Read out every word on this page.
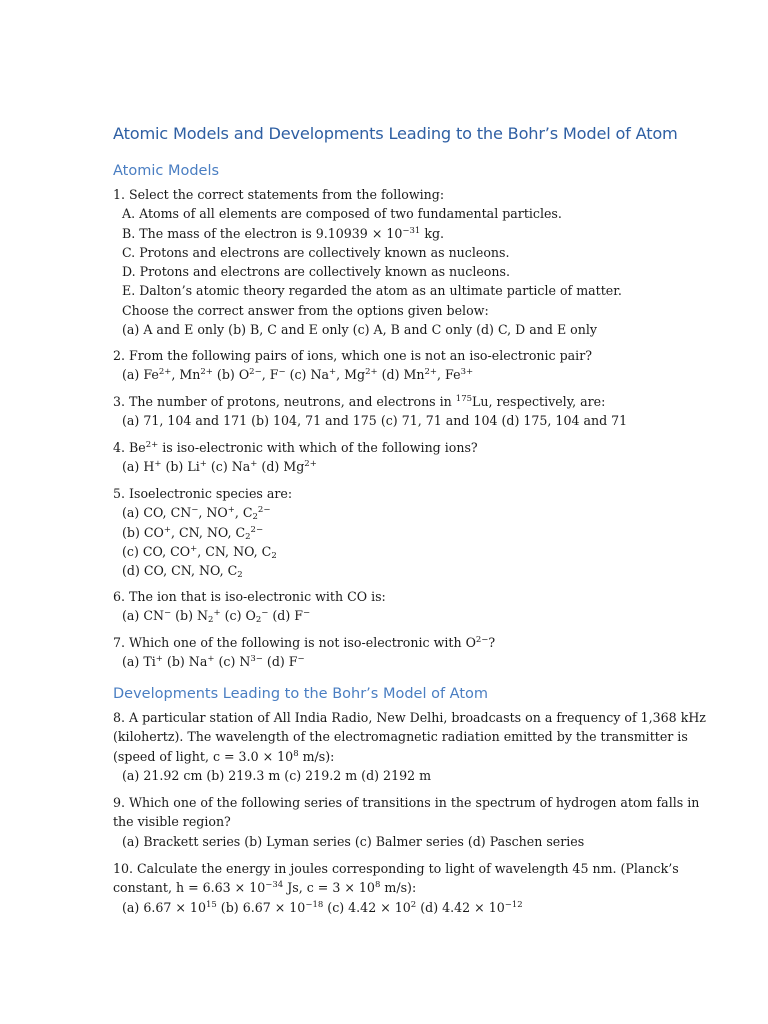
Atomic Models and Developments Leading to the Bohr’s Model of Atom
Atomic Models
1. Select the correct statements from the following:
A. Atoms of all elements are composed of two fundamental particles.
B. The mass of the electron is $9.10939 \times 10^{-31}$ kg.
C. Protons and electrons are collectively known as nucleons.
D. Protons and electrons are collectively known as nucleons.
E. Dalton’s atomic theory regarded the atom as an ultimate particle of matter.
Choose the correct answer from the options given below:
(a) A and E only (b) B, C and E only (c) A, B and C only (d) C, D and E only
2. From the following pairs of ions, which one is not an iso-electronic pair?
(a) $Fe^{2+}$, $Mn^{2+}$ (b) $O^{2-}$, F− (c) Na+, $Mg^{2+}$ (d) $Mn^{2+}$, $Fe^{3+}$
3. The number of protons, neutrons, and electrons in $^{175}$Lu, respectively, are:
(a) 71, 104 and 171 (b) 104, 71 and 175 (c) 71, 71 and 104 (d) 175, 104 and 71
4. $Be^{2+}$ is iso-electronic with which of the following ions?
(a) H+ (b) Li+ (c) Na+ (d) $Mg^{2+}$
5. Isoelectronic species are:
(a) CO, CN−, NO+, $C_2^{2-}$
(b) CO+, CN, NO, $C_2^{2-}$
(c) CO, CO+, CN, NO, $C_2$
(d) CO, CN, NO, $C_2$
6. The ion that is iso-electronic with CO is:
(a) CN− (b) $N_2^+$ (c) $O_2^-$ (d) F−
7. Which one of the following is not iso-electronic with $O^{2-}$?
(a) Ti+ (b) Na+ (c) $N^{3-}$ (d) F−
Developments Leading to the Bohr’s Model of Atom
8. A particular station of All India Radio, New Delhi, broadcasts on a frequency of 1,368 kHz
(kilohertz). The wavelength of the electromagnetic radiation emitted by the transmitter is
(speed of light, $c = 3.0 \times 10^8$ m/s):
(a) 21.92 cm (b) 219.3 m (c) 219.2 m (d) 2192 m
9. Which one of the following series of transitions in the spectrum of hydrogen atom falls in
the visible region?
(a) Brackett series (b) Lyman series (c) Balmer series (d) Paschen series
10. Calculate the energy in joules corresponding to light of wavelength 45 nm. (Planck’s
constant, $h = 6.63 \times 10^{-34}$ Js, $c = 3 \times 10^8$ m/s):
(a) $6.67 \times 10^{15}$ (b) $6.67 \times 10^{-18}$ (c) $4.42 \times 10^2$ (d) $4.42 \times 10^{-12}$
